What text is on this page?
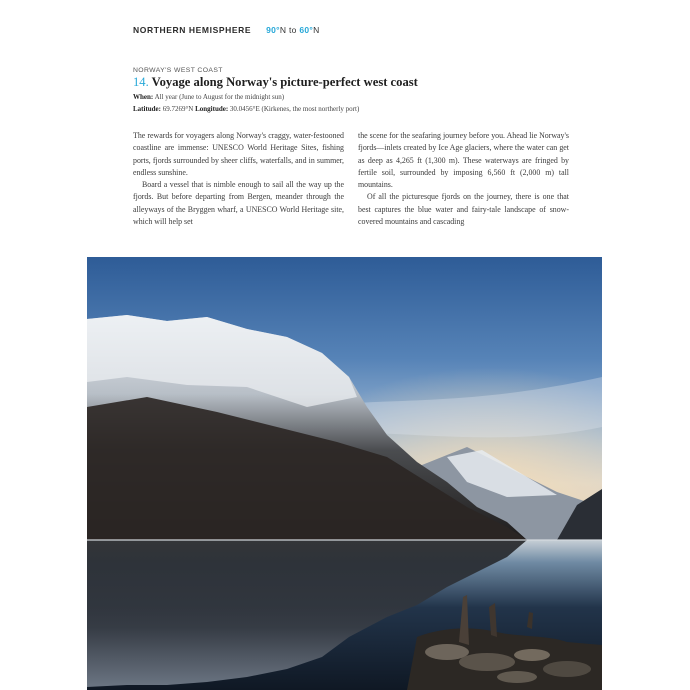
NORTHERN HEMISPHERE 90°N to 60°N
NORWAY'S WEST COAST
14. Voyage along Norway's picture-perfect west coast
When: All year (June to August for the midnight sun)
Latitude: 69.7269°N Longitude: 30.0456°E (Kirkenes, the most northerly port)

The rewards for voyagers along Norway's craggy, water-festooned coastline are immense: UNESCO World Heritage Sites, fishing ports, fjords surrounded by sheer cliffs, waterfalls, and in summer, endless sunshine.

Board a vessel that is nimble enough to sail all the way up the fjords. But before departing from Bergen, meander through the alleyways of the Bryggen wharf, a UNESCO World Heritage site, which will help set

the scene for the seafaring journey before you. Ahead lie Norway's fjords—inlets created by Ice Age glaciers, where the water can get as deep as 4,265 ft (1,300 m). These waterways are fringed by fertile soil, surrounded by imposing 6,560 ft (2,000 m) tall mountains.

Of all the picturesque fjords on the journey, there is one that best captures the blue water and fairy-tale landscape of snow-covered mountains and cascading
